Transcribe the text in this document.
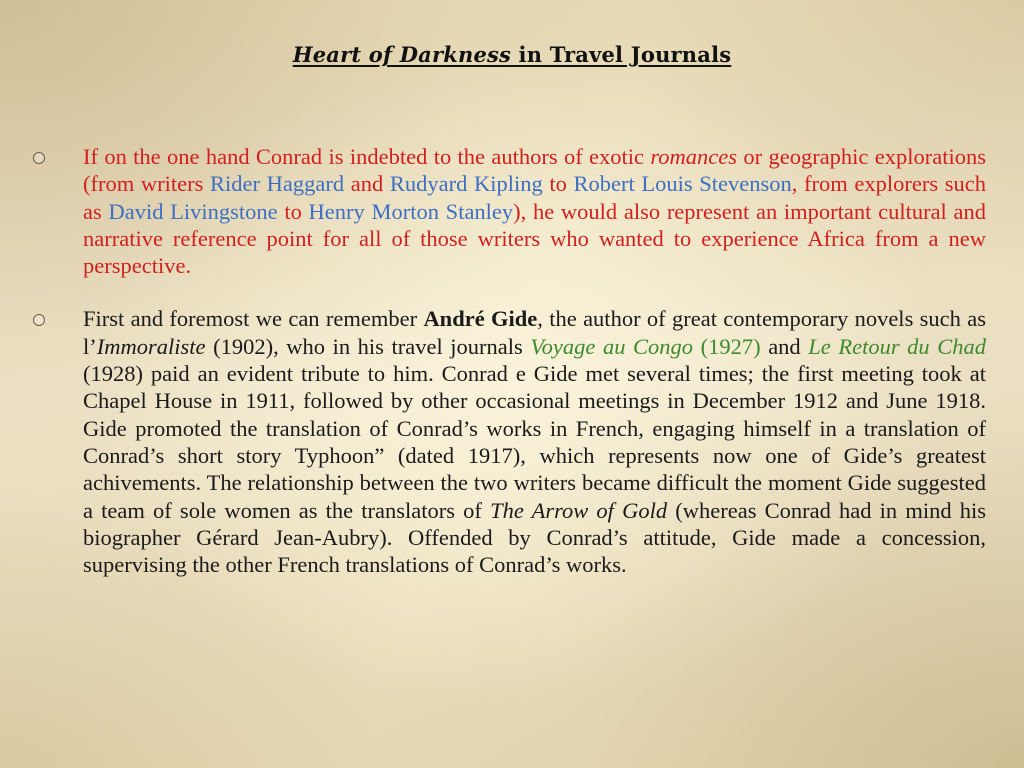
Heart of Darkness in Travel Journals

If on the one hand Conrad is indebted to the authors of exotic romances or geographic explorations (from writers Rider Haggard and Rudyard Kipling to Robert Louis Stevenson, from explorers such as David Livingstone to Henry Morton Stanley), he would also represent an important cultural and narrative reference point for all of those writers who wanted to experience Africa from a new perspective.

First and foremost we can remember André Gide, the author of great contemporary novels such as l’Immoraliste (1902), who in his travel journals Voyage au Congo (1927) and Le Retour du Chad (1928) paid an evident tribute to him. Conrad e Gide met several times; the first meeting took at Chapel House in 1911, followed by other occasional meetings in December 1912 and June 1918. Gide promoted the translation of Conrad’s works in French, engaging himself in a translation of Conrad’s short story Typhoon” (dated 1917), which represents now one of Gide’s greatest achivements. The relationship between the two writers became difficult the moment Gide suggested a team of sole women as the translators of The Arrow of Gold (whereas Conrad had in mind his biographer Gérard Jean-Aubry). Offended by Conrad’s attitude, Gide made a concession, supervising the other French translations of Conrad’s works.
